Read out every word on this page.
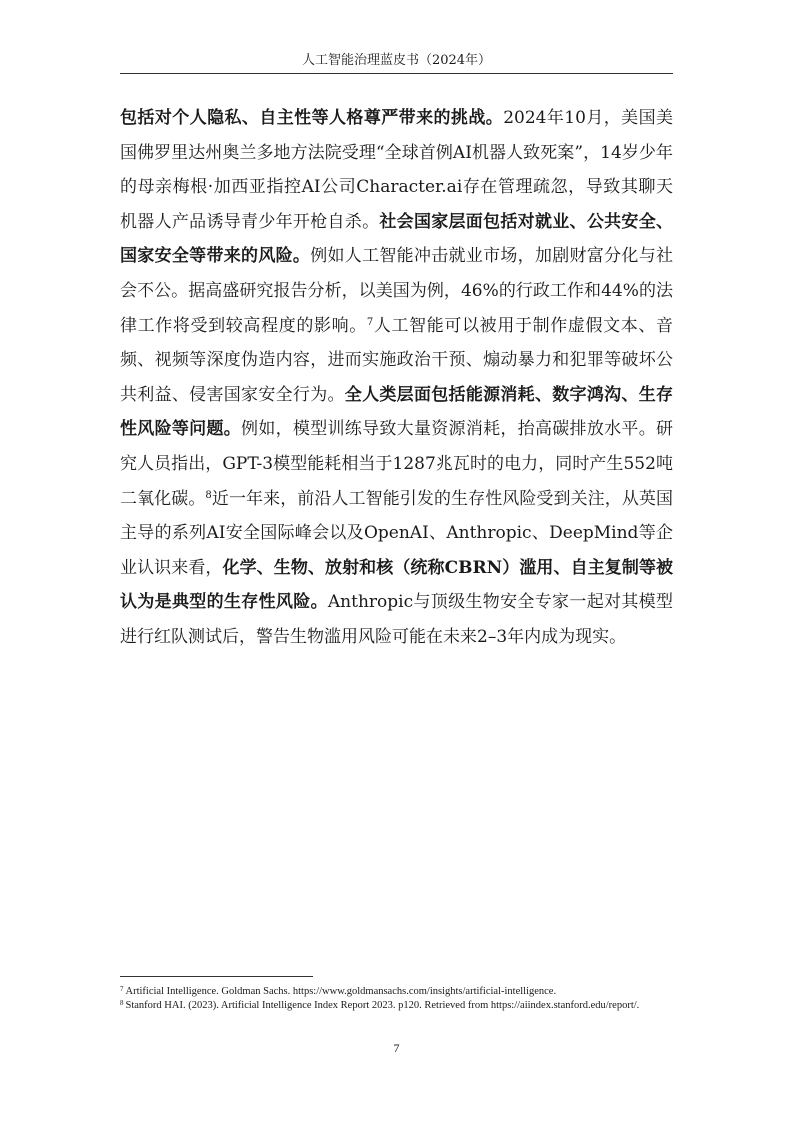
人工智能治理蓝皮书（2024年）

包括对个人隐私、自主性等人格尊严带来的挑战。2024年10月，美国美国佛罗里达州奥兰多地方法院受理“全球首例AI机器人致死案”，14岁少年的母亲梅根·加西亚指控AI公司Character.ai存在管理疏忽，导致其聊天机器人产品诱导青少年开枪自杀。社会国家层面包括对就业、公共安全、国家安全等带来的风险。例如人工智能冲击就业市场，加剧财富分化与社会不公。据高盛研究报告分析，以美国为例，46%的行政工作和44%的法律工作将受到较高程度的影响。$^7$人工智能可以被用于制作虚假文本、音频、视频等深度伪造内容，进而实施政治干预、煽动暴力和犯罪等破坏公共利益、侵害国家安全行为。全人类层面包括能源消耗、数字鸿沟、生存性风险等问题。例如，模型训练导致大量资源消耗，抬高碳排放水平。研究人员指出，GPT-3模型能耗相当于1287兆瓦时的电力，同时产生552吨二氧化碳。$^8$近一年来，前沿人工智能引发的生存性风险受到关注，从英国主导的系列AI安全国际峰会以及OpenAI、Anthropic、DeepMind等企业认识来看，化学、生物、放射和核（统称CBRN）滥用、自主复制等被认为是典型的生存性风险。Anthropic与顶级生物安全专家一起对其模型进行红队测试后，警告生物滥用风险可能在未来2–3年内成为现实。

$^7$ Artificial Intelligence. Goldman Sachs. https://www.goldmansachs.com/insights/artificial-intelligence.

$^8$ Stanford HAI. (2023). Artificial Intelligence Index Report 2023. p120. Retrieved from https://aiindex.stanford.edu/report/.

7
